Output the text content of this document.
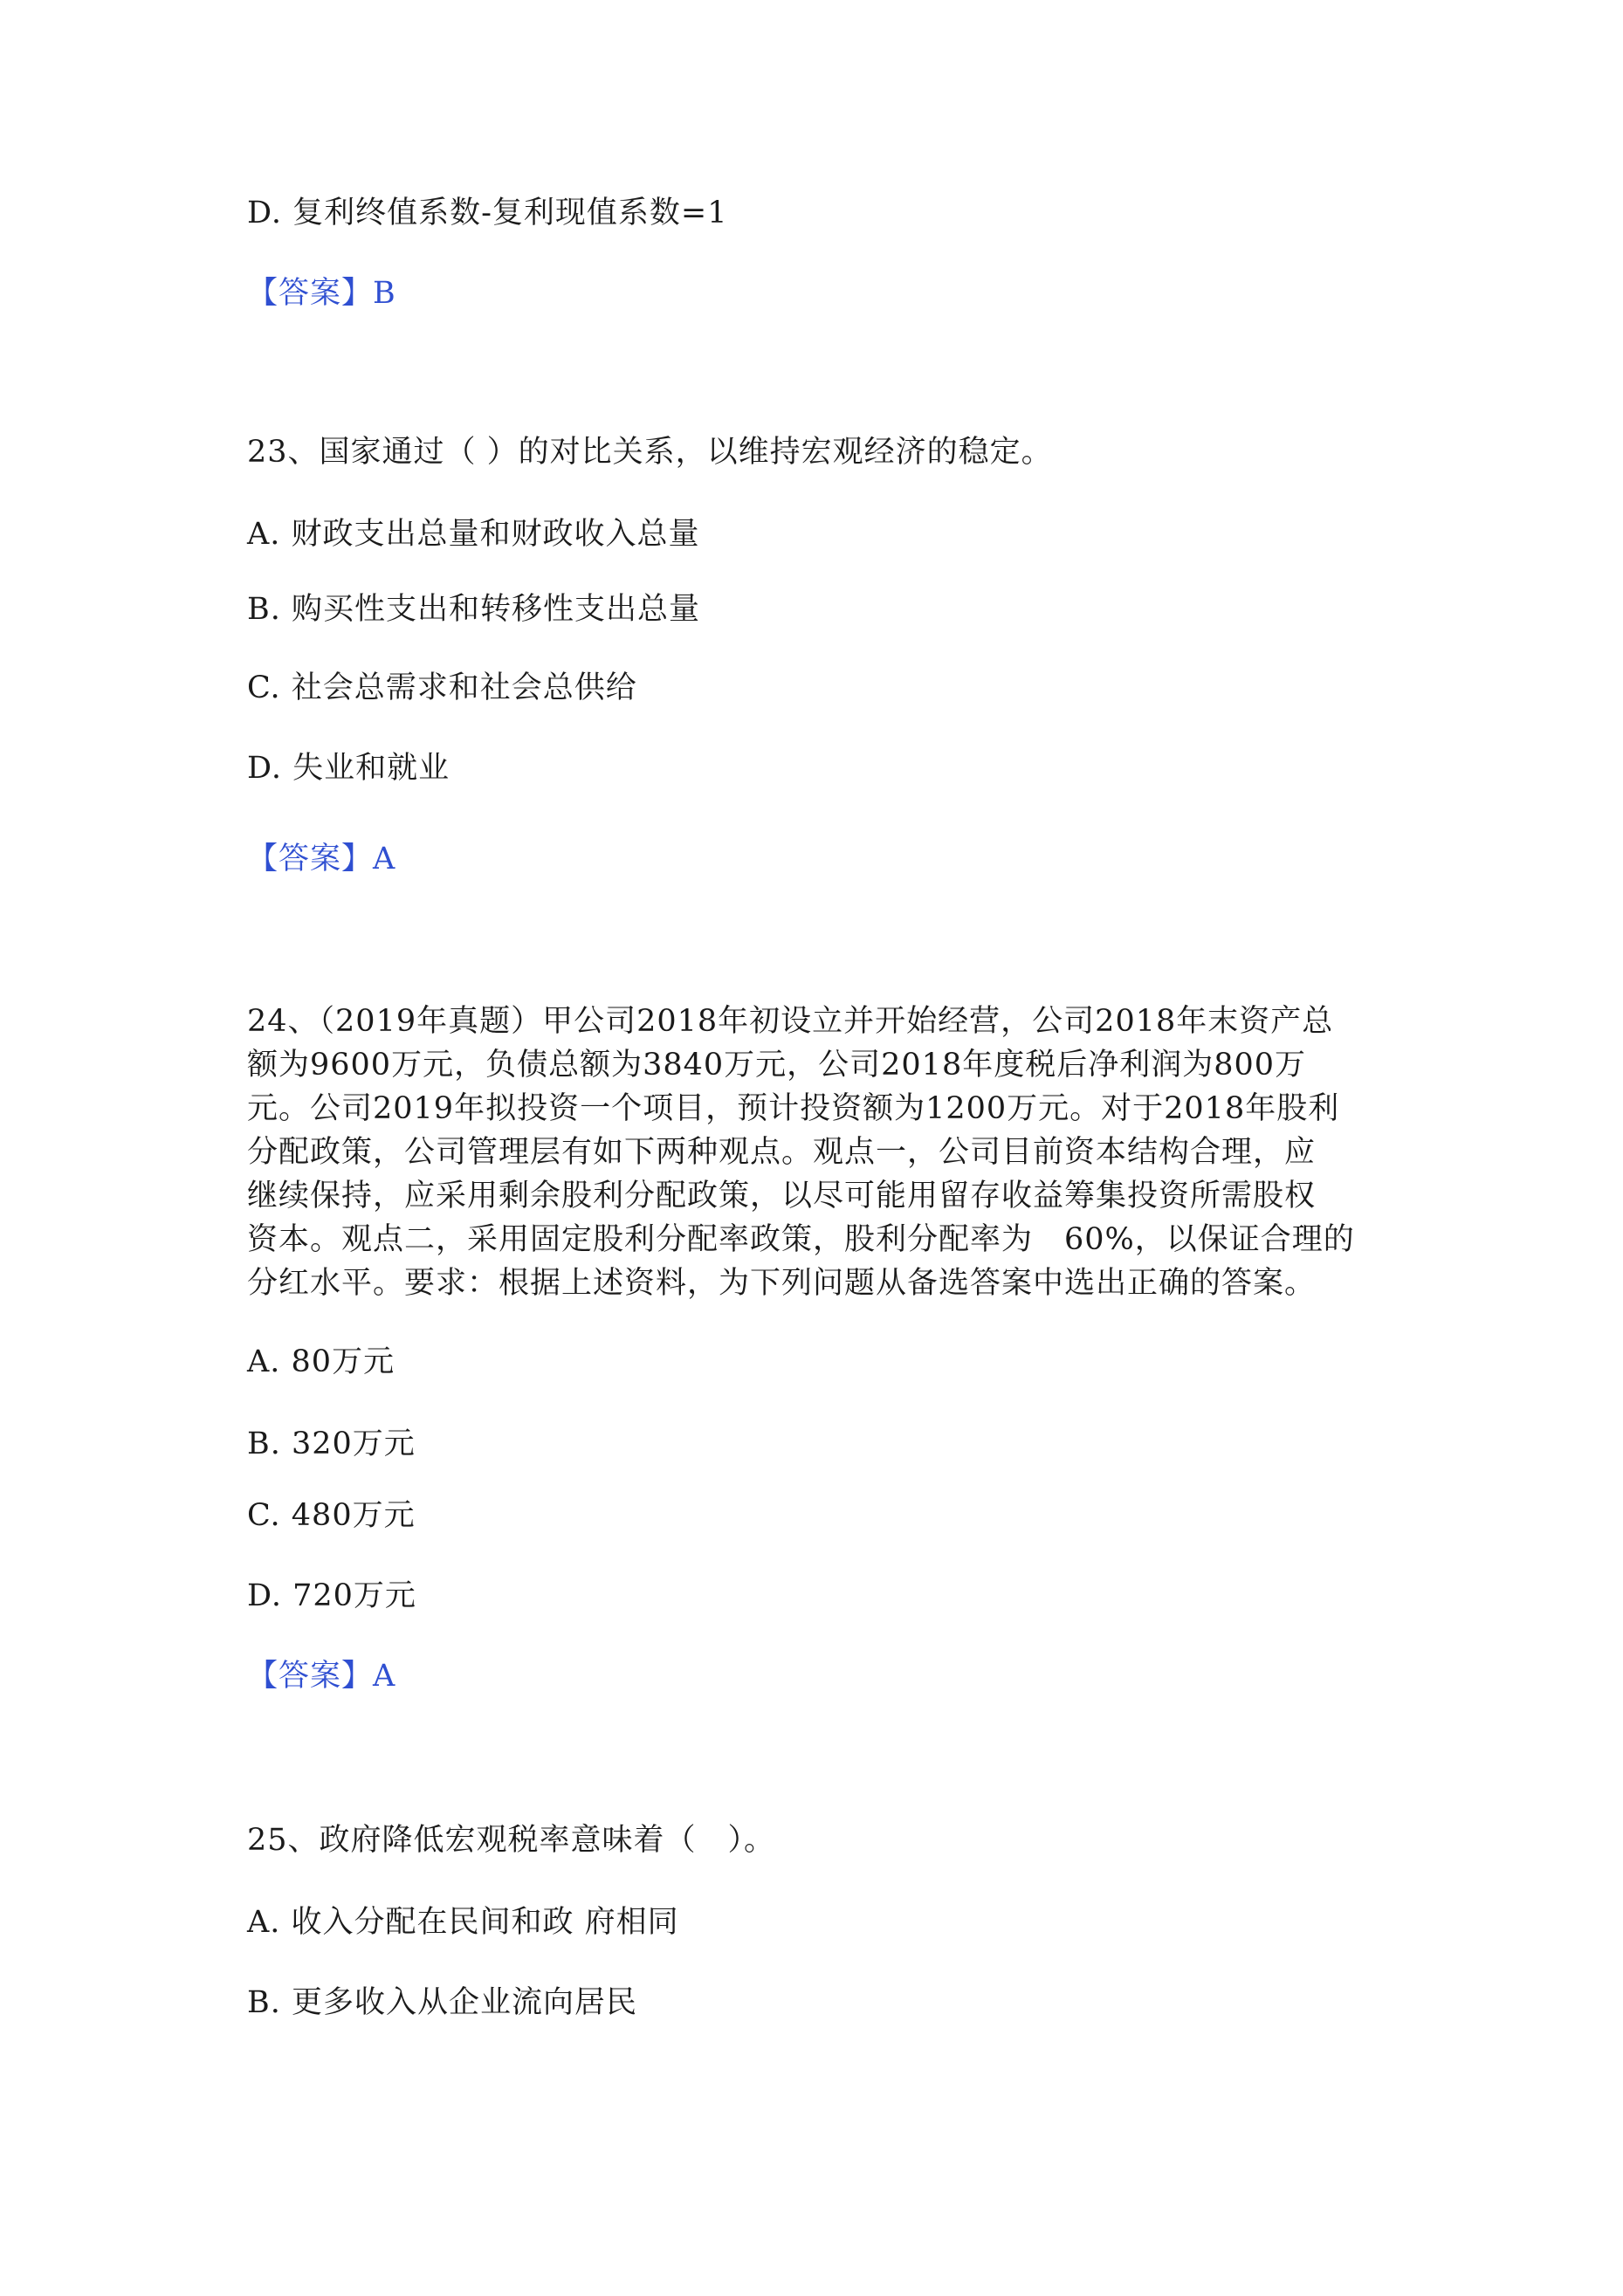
D. 复利终值系数-复利现值系数=1
【答案】B
23、国家通过（ ）的对比关系，以维持宏观经济的稳定。
A. 财政支出总量和财政收入总量
B. 购买性支出和转移性支出总量
C. 社会总需求和社会总供给
D. 失业和就业
【答案】A
24、（2019年真题）甲公司2018年初设立并开始经营，公司2018年末资产总
额为9600万元，负债总额为3840万元，公司2018年度税后净利润为800万
元。公司2019年拟投资一个项目，预计投资额为1200万元。对于2018年股利
分配政策，公司管理层有如下两种观点。观点一，公司目前资本结构合理，应
继续保持，应采用剩余股利分配政策，以尽可能用留存收益筹集投资所需股权
资本。观点二，采用固定股利分配率政策，股利分配率为　60%，以保证合理的
分红水平。要求：根据上述资料，为下列问题从备选答案中选出正确的答案。
A. 80万元
B. 320万元
C. 480万元
D. 720万元
【答案】A
25、政府降低宏观税率意味着（　）。
A. 收入分配在民间和政 府相同
B. 更多收入从企业流向居民
